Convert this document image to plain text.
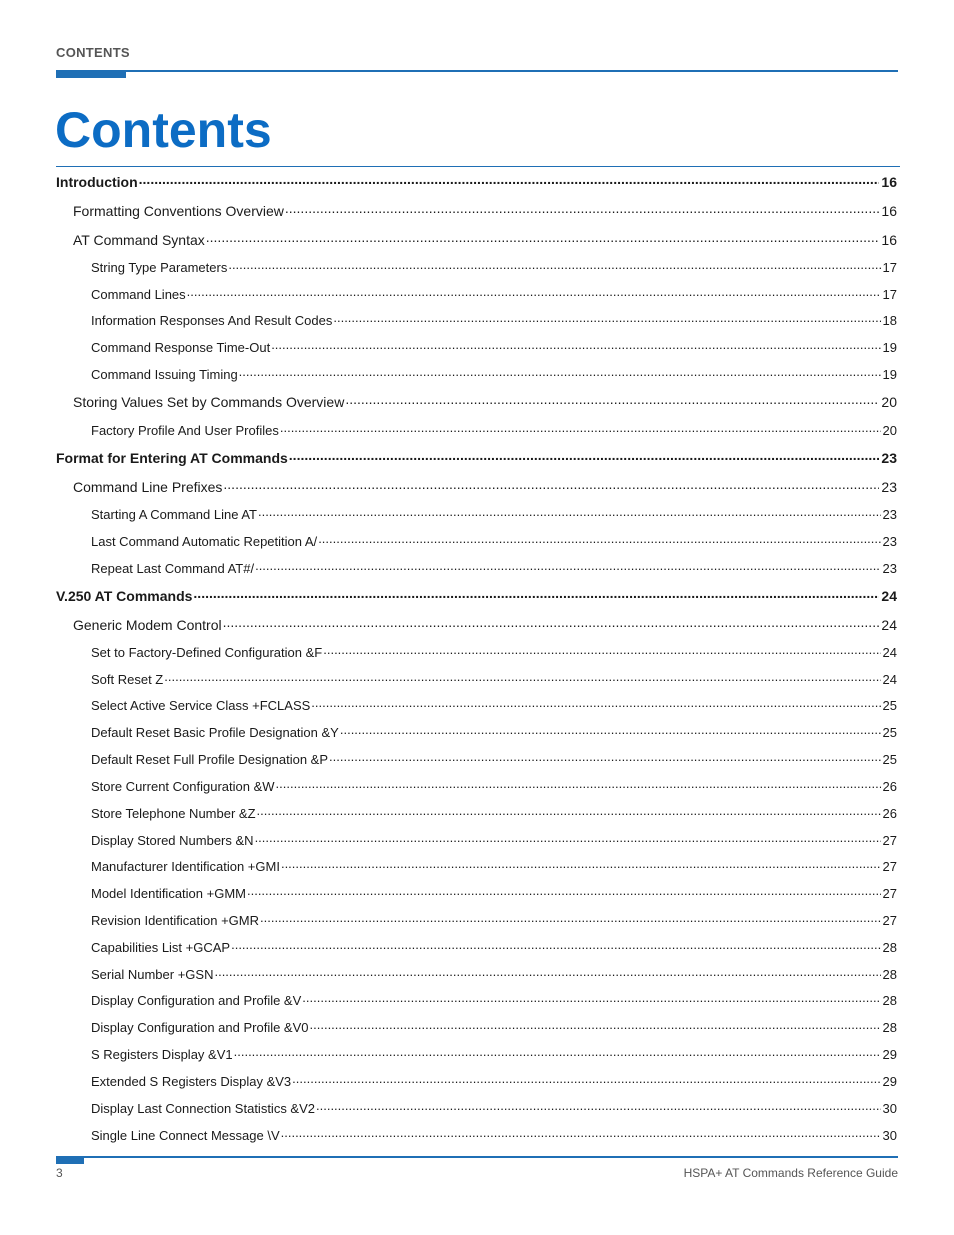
CONTENTS
Contents
Introduction .....	16
Formatting Conventions Overview .....	16
AT Command Syntax .....	16
String Type Parameters .....	17
Command Lines .....	17
Information Responses And Result Codes .....	18
Command Response Time-Out .....	19
Command Issuing Timing .....	19
Storing Values Set by Commands Overview .....	20
Factory Profile And User Profiles .....	20
Format for Entering AT Commands .....	23
Command Line Prefixes .....	23
Starting A Command Line AT .....	23
Last Command Automatic Repetition A/ .....	23
Repeat Last Command AT#/ .....	23
V.250 AT Commands .....	24
Generic Modem Control .....	24
Set to Factory-Defined Configuration &F .....	24
Soft Reset Z .....	24
Select Active Service Class +FCLASS .....	25
Default Reset Basic Profile Designation &Y .....	25
Default Reset Full Profile Designation &P .....	25
Store Current Configuration &W .....	26
Store Telephone Number &Z .....	26
Display Stored Numbers &N .....	27
Manufacturer Identification +GMI .....	27
Model Identification +GMM .....	27
Revision Identification +GMR .....	27
Capabilities List +GCAP .....	28
Serial Number +GSN .....	28
Display Configuration and Profile &V .....	28
Display Configuration and Profile &V0 .....	28
S Registers Display &V1 .....	29
Extended S Registers Display &V3 .....	29
Display Last Connection Statistics &V2 .....	30
Single Line Connect Message \V .....	30
3	HSPA+ AT Commands Reference Guide
